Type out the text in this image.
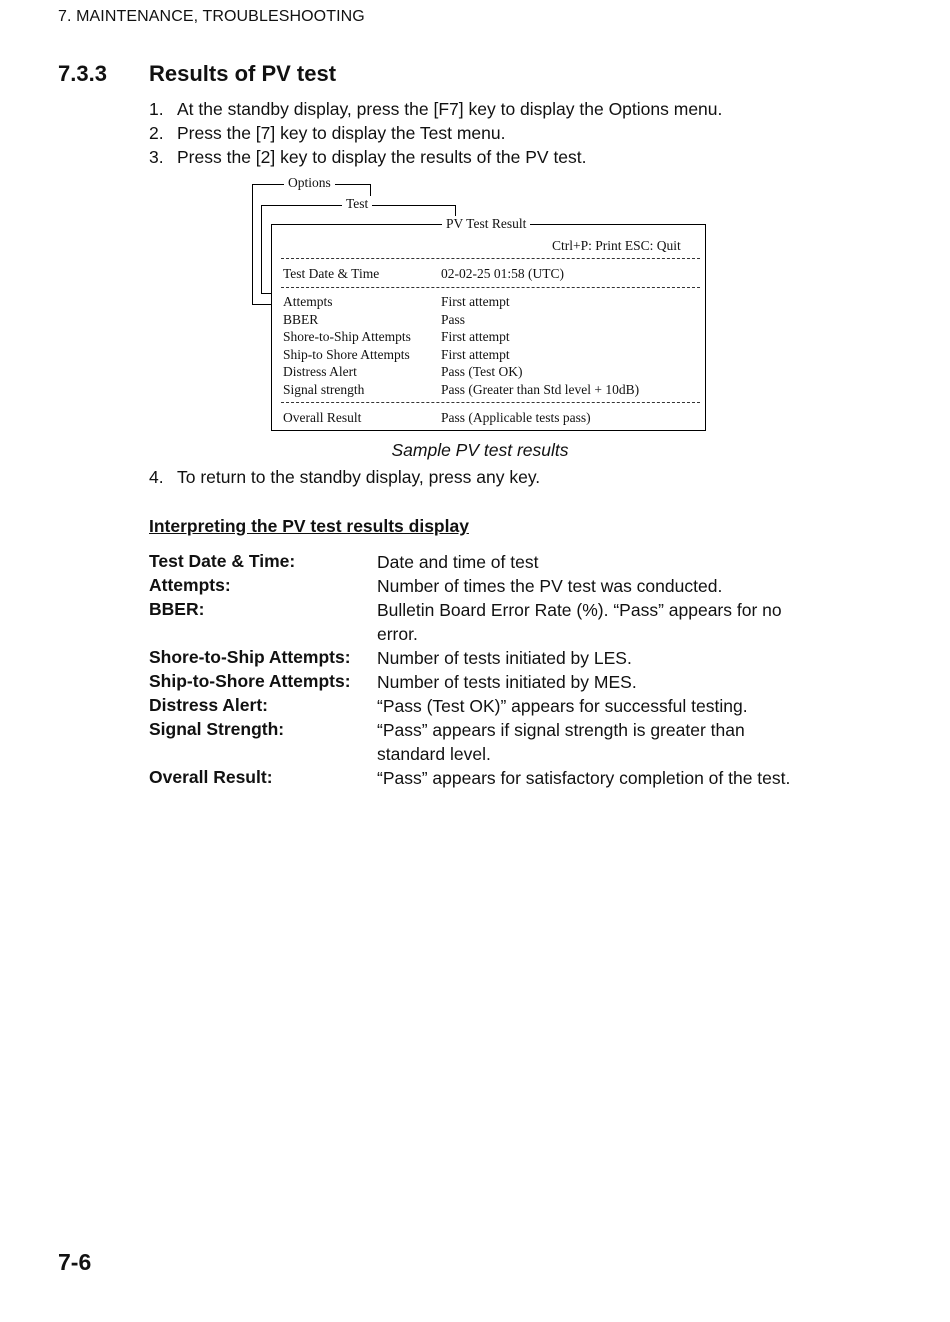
7. MAINTENANCE, TROUBLESHOOTING
7.3.3 Results of PV test
1. At the standby display, press the [F7] key to display the Options menu.
2. Press the [7] key to display the Test menu.
3. Press the [2] key to display the results of the PV test.
Options
Test
PV Test Result
Ctrl+P: Print ESC: Quit
Test Date & Time	02-02-25 01:58 (UTC)
Attempts	First attempt
BBER	Pass
Shore-to-Ship Attempts First attempt
Ship-to Shore Attempts First attempt
Distress Alert	Pass (Test OK)
Signal strength	Pass (Greater than Std level + 10dB)
Overall Result	Pass (Applicable tests pass)
Sample PV test results
4. To return to the standby display, press any key.
Interpreting the PV test results display
Test Date & Time:	Date and time of test
Attempts:	Number of times the PV test was conducted.
BBER:	Bulletin Board Error Rate (%). “Pass” appears for no error.
Shore-to-Ship Attempts: Number of tests initiated by LES.
Ship-to-Shore Attempts: Number of tests initiated by MES.
Distress Alert:	“Pass (Test OK)” appears for successful testing.
Signal Strength:	“Pass” appears if signal strength is greater than standard level.
Overall Result:	“Pass” appears for satisfactory completion of the test.
7-6
